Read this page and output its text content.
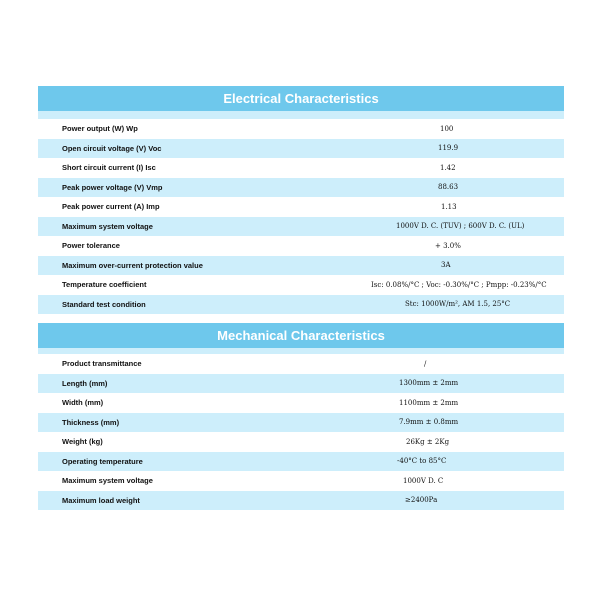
Electrical Characteristics
Power output (W) Wp	100
Open circuit voltage (V) Voc	119.9
Short circuit current (I) Isc	1.42
Peak power voltage (V) Vmp	88.63
Peak power current (A) Imp	1.13
Maximum system voltage	1000V D. C. (TUV) ; 600V D. C. (UL)
Power tolerance	+ 3.0%
Maximum over-current protection value	3A
Temperature coefficient	Isc: 0.08%/°C ; Voc: -0.30%/°C ; Pmpp: -0.23%/°C
Standard test condition	Stc: 1000W/m², AM 1.5, 25°C
Mechanical Characteristics
Product transmittance	/
Length (mm)	1300mm ± 2mm
Width (mm)	1100mm ± 2mm
Thickness (mm)	7.9mm ± 0.8mm
Weight (kg)	26Kg ± 2Kg
Operating temperature	-40°C to 85°C
Maximum system voltage	1000V D. C
Maximum load weight	≥2400Pa
